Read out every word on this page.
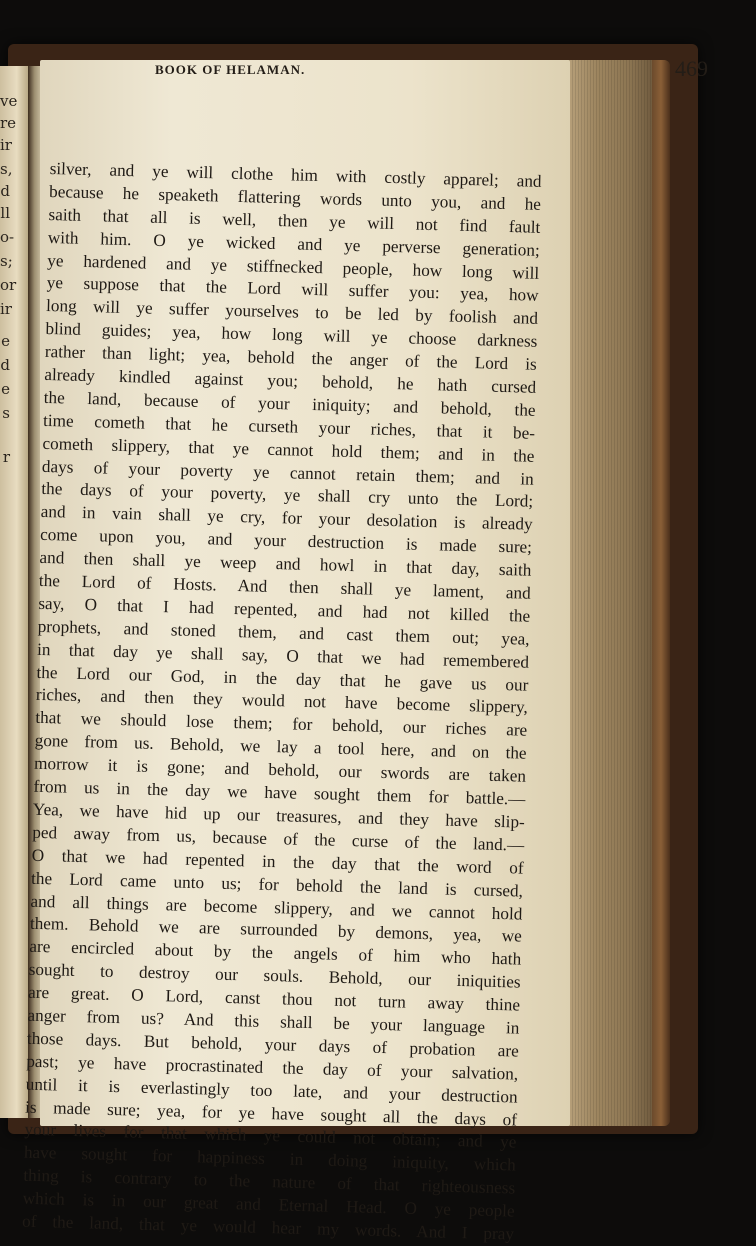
ve
re
ir
s,
d
ll
o-
s;
or
ir
e
d
e
s
r
silver, and ye will clothe him with costly apparel; and
because he speaketh flattering words unto you, and he
saith that all is well, then ye will not find fault
with him. O ye wicked and ye perverse generation;
ye hardened and ye stiffnecked people, how long will
ye suppose that the Lord will suffer you: yea, how
long will ye suffer yourselves to be led by foolish and
blind guides; yea, how long will ye choose darkness
rather than light; yea, behold the anger of the Lord is
already kindled against you; behold, he hath cursed
the land, because of your iniquity; and behold, the
time cometh that he curseth your riches, that it be-
cometh slippery, that ye cannot hold them; and in the
days of your poverty ye cannot retain them; and in
the days of your poverty, ye shall cry unto the Lord;
and in vain shall ye cry, for your desolation is already
come upon you, and your destruction is made sure;
and then shall ye weep and howl in that day, saith
the Lord of Hosts. And then shall ye lament, and
say, O that I had repented, and had not killed the
prophets, and stoned them, and cast them out; yea,
in that day ye shall say, O that we had remembered
the Lord our God, in the day that he gave us our
riches, and then they would not have become slippery,
that we should lose them; for behold, our riches are
gone from us. Behold, we lay a tool here, and on the
morrow it is gone; and behold, our swords are taken
from us in the day we have sought them for battle.—
Yea, we have hid up our treasures, and they have slip-
ped away from us, because of the curse of the land.—
O that we had repented in the day that the word of
the Lord came unto us; for behold the land is cursed,
and all things are become slippery, and we cannot hold
them. Behold we are surrounded by demons, yea, we
are encircled about by the angels of him who hath
sought to destroy our souls. Behold, our iniquities
are great. O Lord, canst thou not turn away thine
anger from us? And this shall be your language in
those days. But behold, your days of probation are
past; ye have procrastinated the day of your salvation,
until it is everlastingly too late, and your destruction
is made sure; yea, for ye have sought all the days of
your lives for that which ye could not obtain; and ye
have sought for happiness in doing iniquity, which
thing is contrary to the nature of that righteousness
which is in our great and Eternal Head. O ye people
of the land, that ye would hear my words. And I pray
BOOK OF HELAMAN.	469
